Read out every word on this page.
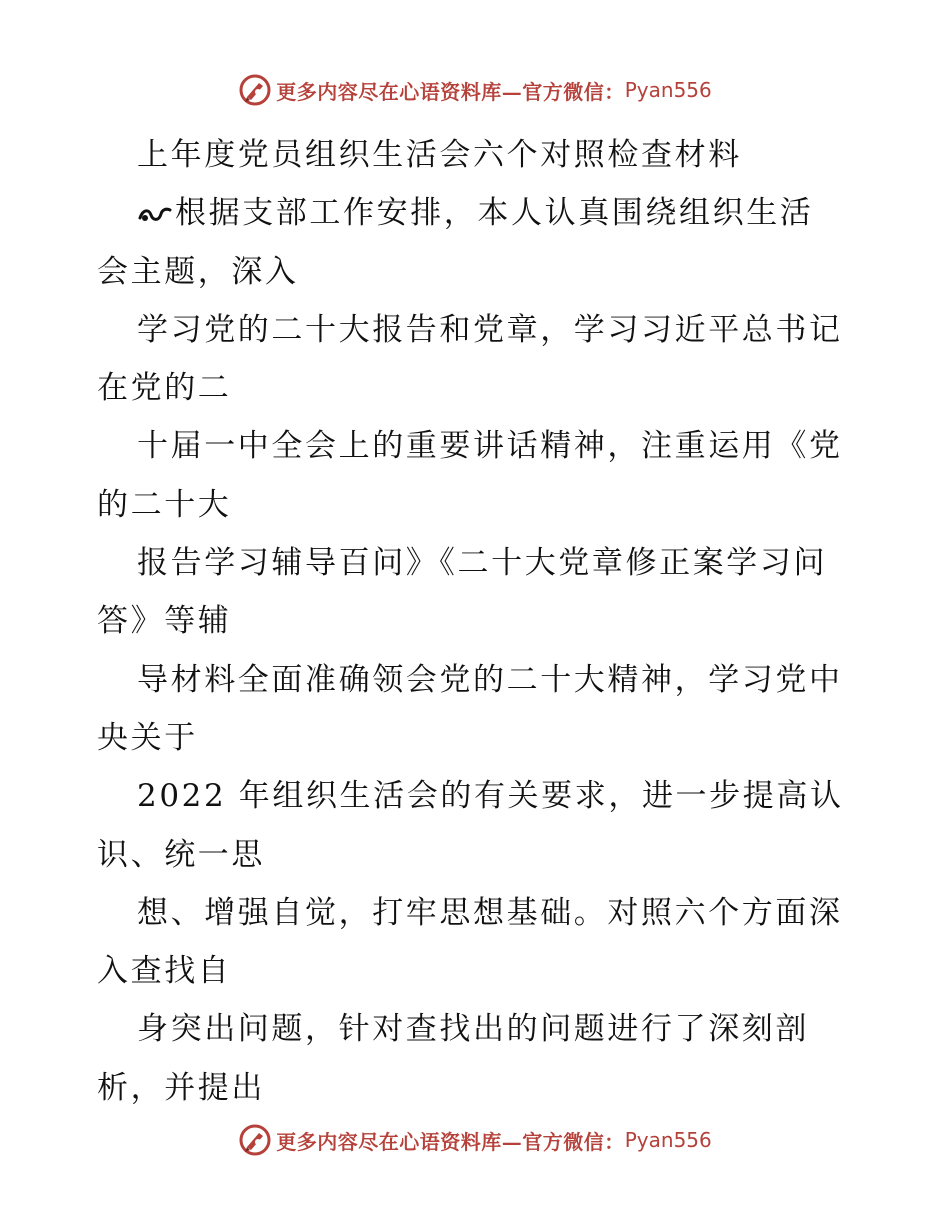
更多内容尽在心语资料库—官方微信： Pyan556
上年度党员组织生活会六个对照检查材料
根据支部工作安排，本人认真围绕组织生活
会主题，深入
学习党的二十大报告和党章，学习习近平总书记
在党的二
十届一中全会上的重要讲话精神，注重运用《党
的二十大
报告学习辅导百问》《二十大党章修正案学习问
答》等辅
导材料全面准确领会党的二十大精神，学习党中
央关于
2022 年组织生活会的有关要求，进一步提高认
识、统一思
想、增强自觉，打牢思想基础。对照六个方面深
入查找自
身突出问题，针对查找出的问题进行了深刻剖
析，并提出
更多内容尽在心语资料库—官方微信： Pyan556
